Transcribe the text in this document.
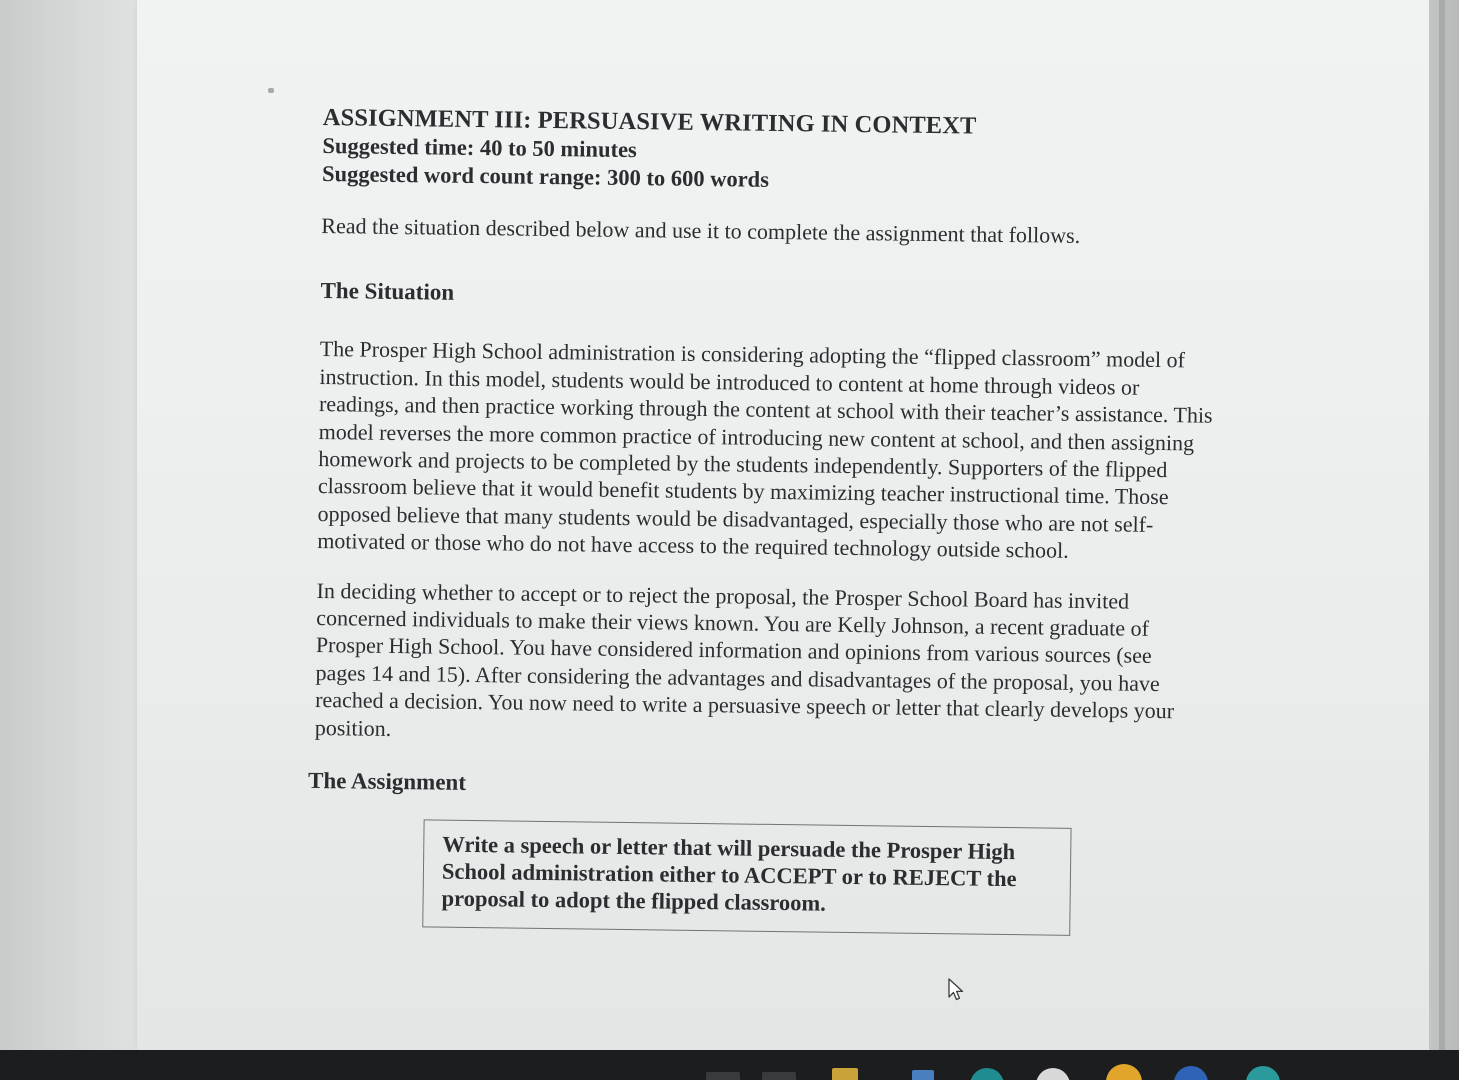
ASSIGNMENT III: PERSUASIVE WRITING IN CONTEXT

Suggested time: 40 to 50 minutes

Suggested word count range: 300 to 600 words

Read the situation described below and use it to complete the assignment that follows.

The Situation

The Prosper High School administration is considering adopting the “flipped classroom” model of instruction. In this model, students would be introduced to content at home through videos or readings, and then practice working through the content at school with their teacher’s assistance. This model reverses the more common practice of introducing new content at school, and then assigning homework and projects to be completed by the students independently. Supporters of the flipped classroom believe that it would benefit students by maximizing teacher instructional time. Those opposed believe that many students would be disadvantaged, especially those who are not self-motivated or those who do not have access to the required technology outside school.

In deciding whether to accept or to reject the proposal, the Prosper School Board has invited concerned individuals to make their views known. You are Kelly Johnson, a recent graduate of Prosper High School. You have considered information and opinions from various sources (see pages 14 and 15). After considering the advantages and disadvantages of the proposal, you have reached a decision. You now need to write a persuasive speech or letter that clearly develops your position.

The Assignment

Write a speech or letter that will persuade the Prosper High School administration either to ACCEPT or to REJECT the proposal to adopt the flipped classroom.
